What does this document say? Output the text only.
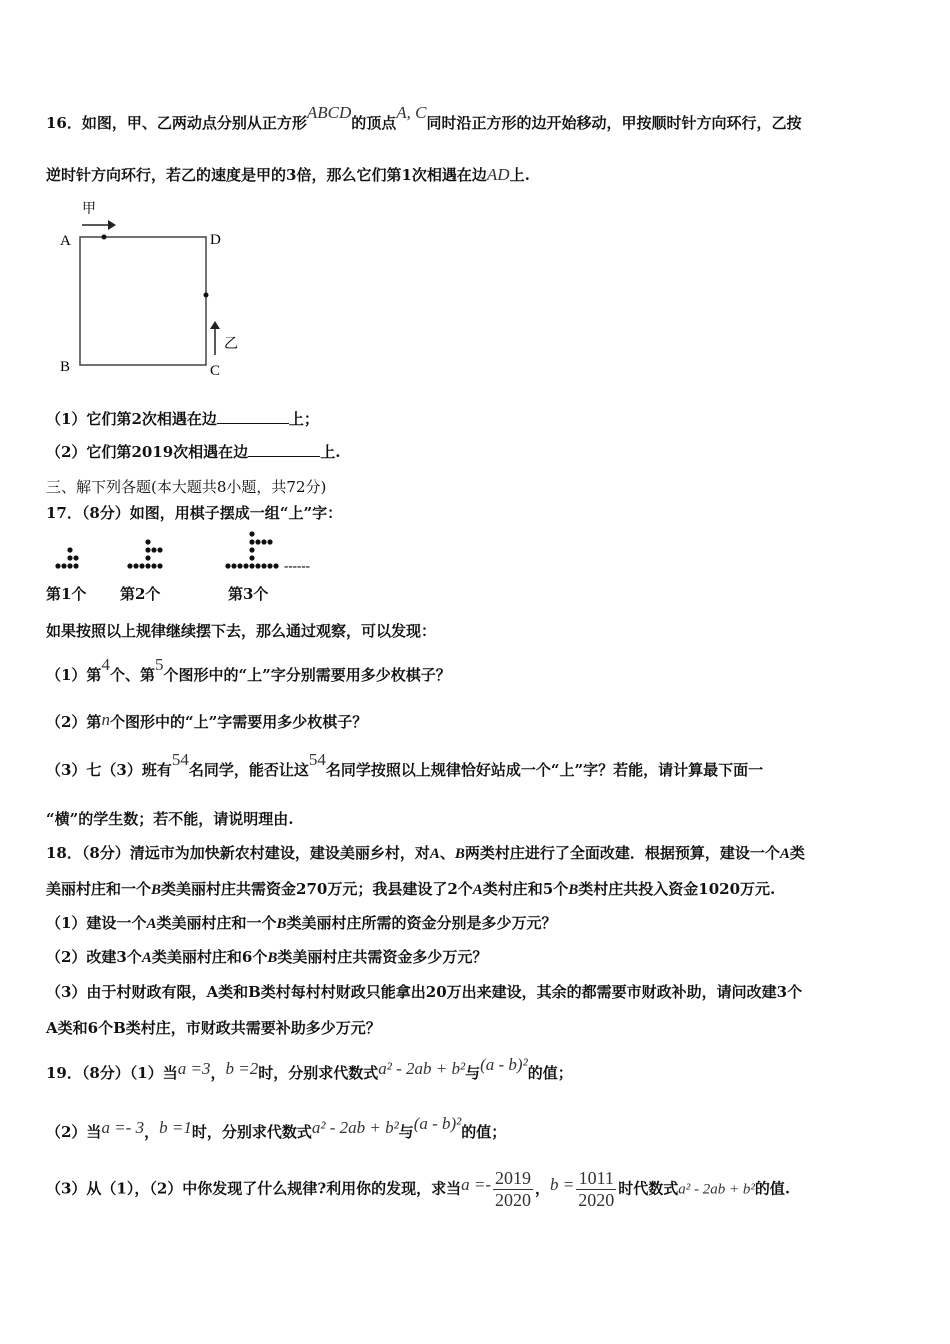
16．如图，甲、乙两动点分别从正方形ABCD的顶点A, C同时沿正方形的边开始移动，甲按顺时针方向环行，乙按
逆时针方向环行，若乙的速度是甲的3倍，那么它们第1次相遇在边AD上.
甲
乙
A	D
B	C
（1）它们第2次相遇在边	上；
（2）它们第2019次相遇在边	上.
三、解下列各题(本大题共8小题，共72分)
17．（8分）如图，用棋子摆成一组“上”字：
------
第1个 第2个	第3个
如果按照以上规律继续摆下去，那么通过观察，可以发现：
（1）第4个、第5个图形中的“上”字分别需要用多少枚棋子？
（2）第n个图形中的“上”字需要用多少枚棋子？
（3）七（3）班有54名同学，能否让这54名同学按照以上规律恰好站成一个“上”字？若能，请计算最下面一
“横”的学生数；若不能，请说明理由.
18．（8分）清远市为加快新农村建设，建设美丽乡村，对A、B两类村庄进行了全面改建．根据预算，建设一个A类
美丽村庄和一个B类美丽村庄共需资金270万元；我县建设了2个A类村庄和5个B类村庄共投入资金1020万元.
（1）建设一个A类美丽村庄和一个B类美丽村庄所需的资金分别是多少万元？
（2）改建3个A类美丽村庄和6个B类美丽村庄共需资金多少万元？
（3）由于村财政有限，A类和B类村每村村财政只能拿出20万出来建设，其余的都需要市财政补助，请问改建3个
A类和6个B类村庄，市财政共需要补助多少万元？
19．（8分）（1）当a =3，b =2时，分别求代数式a² - 2ab + b²与(a - b)²的值；
（2）当a =- 3，b =1时，分别求代数式a² - 2ab + b²与(a - b)²的值；
（3）从（1），（2）中你发现了什么规律?利用你的发现，求当$a =- \frac{2019}{2020}$ ，$b = \frac{1011}{2020}$ 时代数式a² - 2ab + b²的值.
